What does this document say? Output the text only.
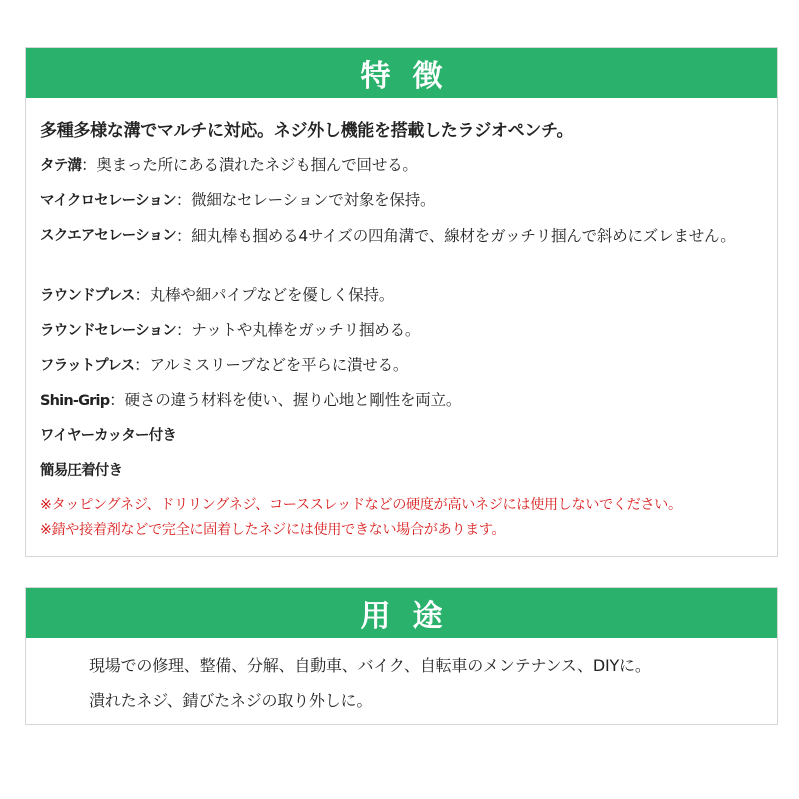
特徴
多種多様な溝でマルチに対応。ネジ外し機能を搭載したラジオペンチ。
タテ溝：奥まった所にある潰れたネジも掴んで回せる。
マイクロセレーション：微細なセレーションで対象を保持。
スクエアセレーション ： 細丸棒も掴める4サイズの四角溝で、線材をガッチリ掴んで斜めにズレません。
ラウンドプレス：丸棒や細パイプなどを優しく保持。
ラウンドセレーション：ナットや丸棒をガッチリ掴める。
フラットプレス：アルミスリーブなどを平らに潰せる。
Shin-Grip：硬さの違う材料を使い、握り心地と剛性を両立。
ワイヤーカッター付き
簡易圧着付き
※タッピングネジ、ドリリングネジ、コーススレッドなどの硬度が高いネジには使用しないでください。
※錆や接着剤などで完全に固着したネジには使用できない場合があります。
用途
現場での修理、整備、分解、自動車、バイク、自転車のメンテナンス、DIYに。
潰れたネジ、錆びたネジの取り外しに。
